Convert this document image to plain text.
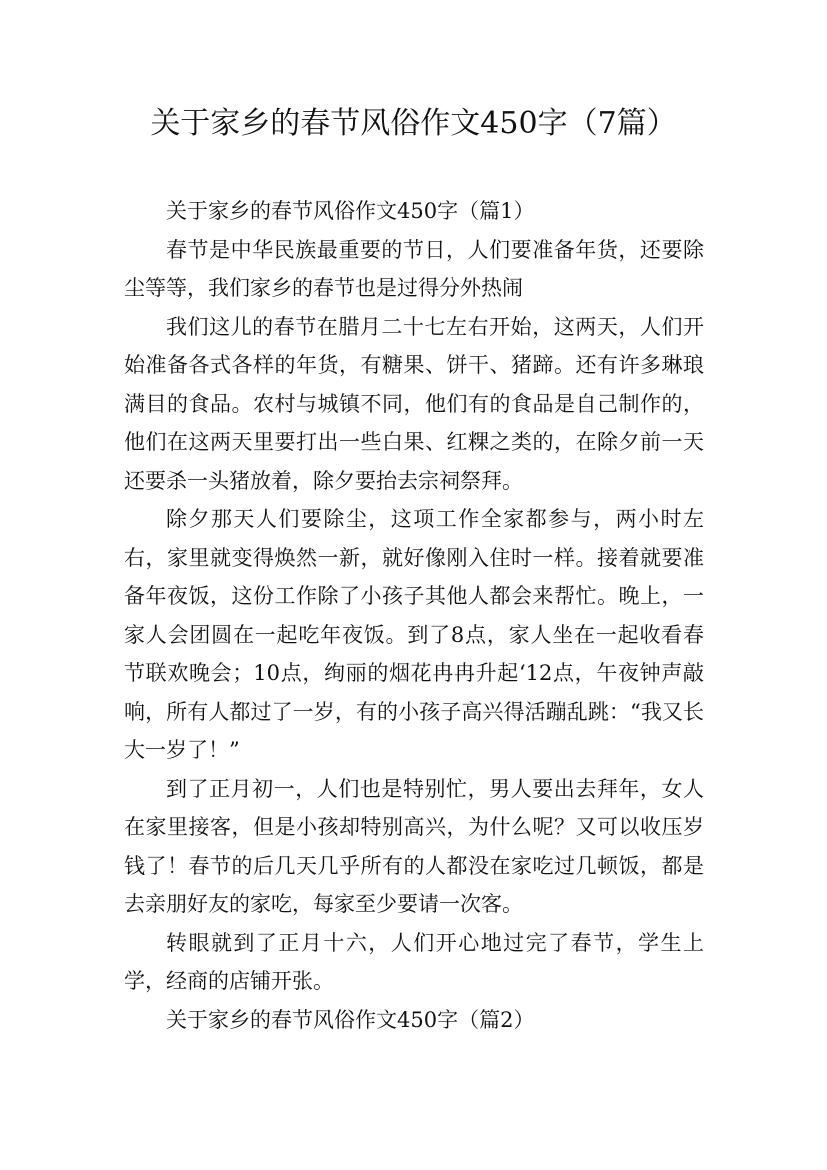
关于家乡的春节风俗作文450字（7篇）

关于家乡的春节风俗作文450字（篇1）

春节是中华民族最重要的节日，人们要准备年货，还要除尘等等，我们家乡的春节也是过得分外热闹

我们这儿的春节在腊月二十七左右开始，这两天，人们开始准备各式各样的年货，有糖果、饼干、猪蹄。还有许多琳琅满目的食品。农村与城镇不同，他们有的食品是自己制作的，他们在这两天里要打出一些白果、红粿之类的，在除夕前一天还要杀一头猪放着，除夕要抬去宗祠祭拜。

除夕那天人们要除尘，这项工作全家都参与，两小时左右，家里就变得焕然一新，就好像刚入住时一样。接着就要准备年夜饭，这份工作除了小孩子其他人都会来帮忙。晚上，一家人会团圆在一起吃年夜饭。到了8点，家人坐在一起收看春节联欢晚会；10点，绚丽的烟花冉冉升起‘12点，午夜钟声敲响，所有人都过了一岁，有的小孩子高兴得活蹦乱跳：“我又长大一岁了！”

到了正月初一，人们也是特别忙，男人要出去拜年，女人在家里接客，但是小孩却特别高兴，为什么呢？又可以收压岁钱了！春节的后几天几乎所有的人都没在家吃过几顿饭，都是去亲朋好友的家吃，每家至少要请一次客。

转眼就到了正月十六，人们开心地过完了春节，学生上学，经商的店铺开张。

关于家乡的春节风俗作文450字（篇2）
